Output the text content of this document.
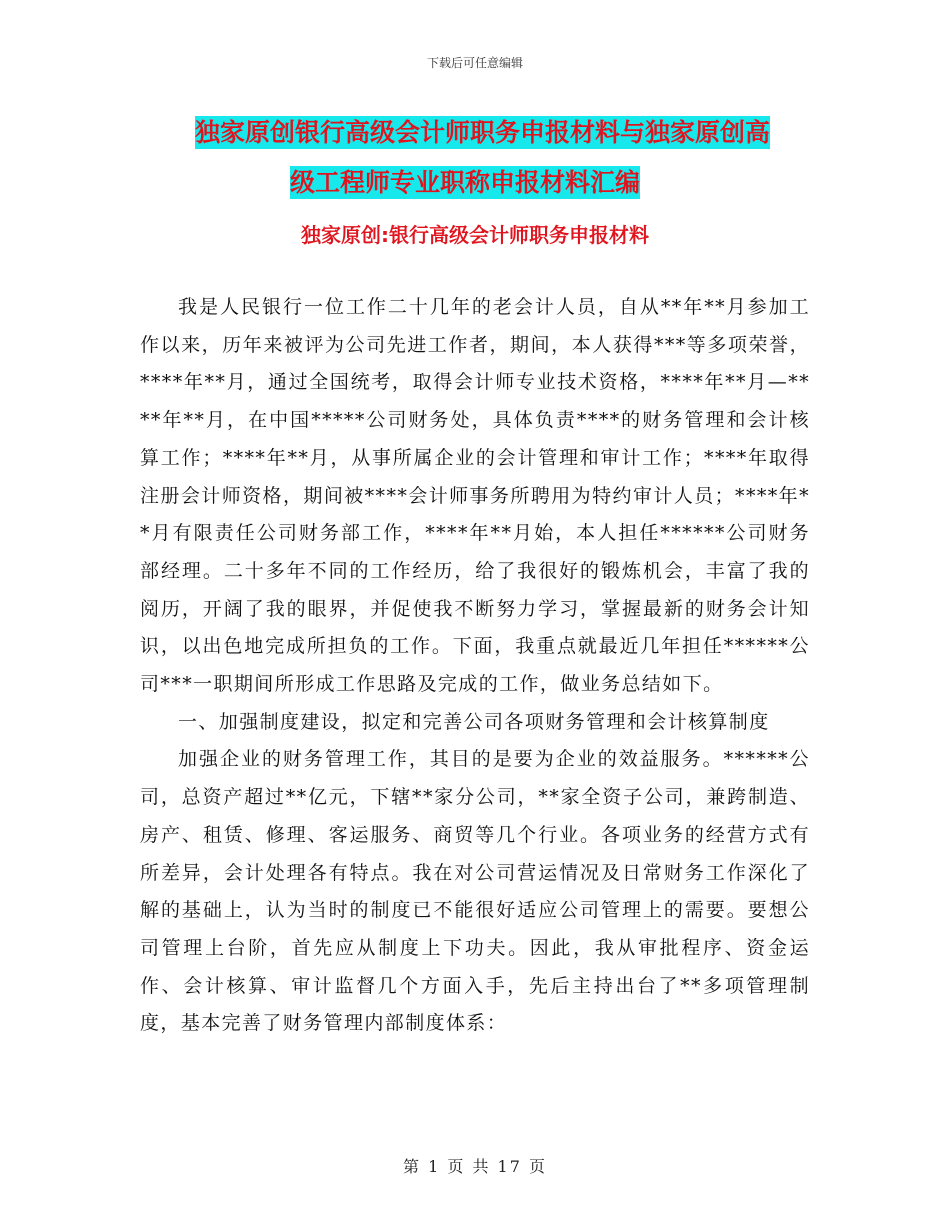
下载后可任意编辑
独家原创银行高级会计师职务申报材料与独家原创高
级工程师专业职称申报材料汇编
独家原创:银行高级会计师职务申报材料

我是人民银行一位工作二十几年的老会计人员，自从**年**月参加工作以来，历年来被评为公司先进工作者，期间，本人获得***等多项荣誉，****年**月，通过全国统考，取得会计师专业技术资格，****年**月—****年**月，在中国*****公司财务处，具体负责****的财务管理和会计核算工作；****年**月，从事所属企业的会计管理和审计工作；****年取得注册会计师资格，期间被****会计师事务所聘用为特约审计人员；****年**月有限责任公司财务部工作，****年**月始，本人担任******公司财务部经理。二十多年不同的工作经历，给了我很好的锻炼机会，丰富了我的阅历，开阔了我的眼界，并促使我不断努力学习，掌握最新的财务会计知识，以出色地完成所担负的工作。下面，我重点就最近几年担任******公司***一职期间所形成工作思路及完成的工作，做业务总结如下。

一、加强制度建设，拟定和完善公司各项财务管理和会计核算制度

加强企业的财务管理工作，其目的是要为企业的效益服务。******公司，总资产超过**亿元，下辖**家分公司，**家全资子公司，兼跨制造、房产、租赁、修理、客运服务、商贸等几个行业。各项业务的经营方式有所差异，会计处理各有特点。我在对公司营运情况及日常财务工作深化了解的基础上，认为当时的制度已不能很好适应公司管理上的需要。要想公司管理上台阶，首先应从制度上下功夫。因此，我从审批程序、资金运作、会计核算、审计监督几个方面入手，先后主持出台了**多项管理制度，基本完善了财务管理内部制度体系：

第 1 页 共 17 页
